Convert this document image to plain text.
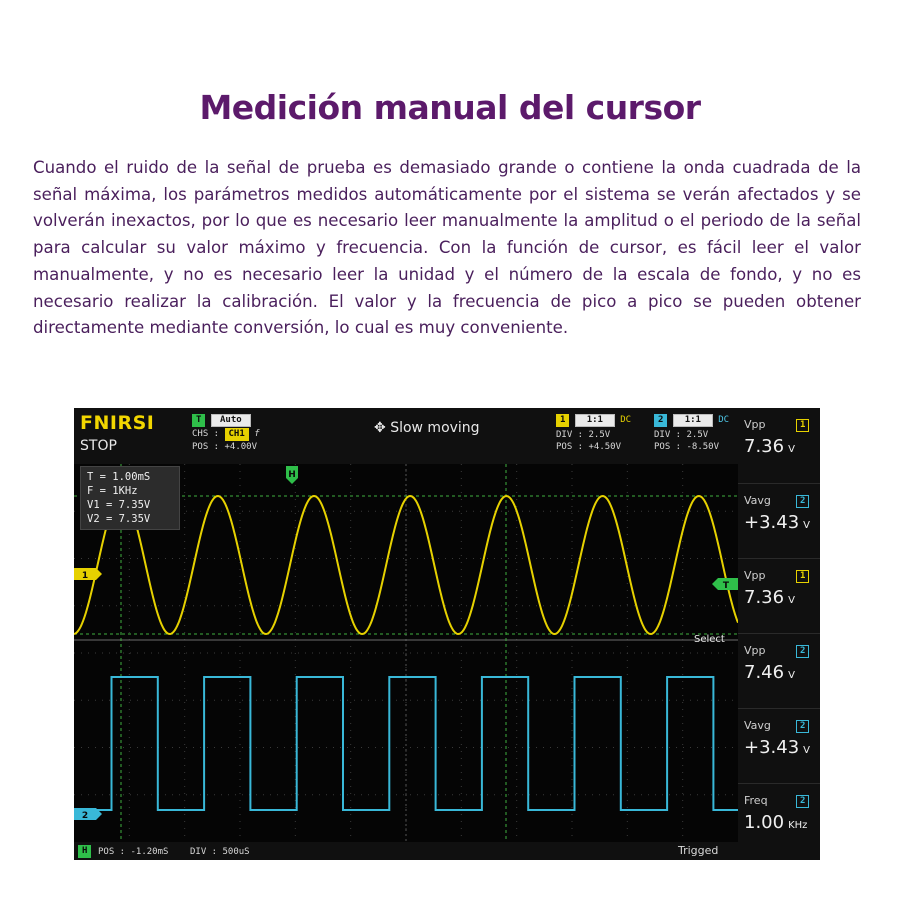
Medición manual del cursor
Cuando el ruido de la señal de prueba es demasiado grande o contiene la onda cuadrada de la señal máxima, los parámetros medidos automáticamente por el sistema se verán afectados y se volverán inexactos, por lo que es necesario leer manualmente la amplitud o el periodo de la señal para calcular su valor máximo y frecuencia. Con la función de cursor, es fácil leer el valor manualmente, y no es necesario leer la unidad y el número de la escala de fondo, y no es necesario realizar la calibración. El valor y la frecuencia de pico a pico se pueden obtener directamente mediante conversión, lo cual es muy conveniente.
FNIRSI
STOP
T Auto
CHS : CH1 f
POS : +4.00V
✥ Slow moving	1 1:1 DC
DIV : 2.5V
POS : +4.50V
2 1:1 DC
DIV : 2.5V
POS : -8.50V
H
1
T
2
T = 1.00mS
F = 1KHz
V1 = 7.35V
V2 = 7.35V
Select
H	POS : -1.20mS DIV : 500uS	Trigged
Vpp	1
7.36 V
Vavg	2
+3.43 V
Vpp	1
7.36 V
Vpp	2
7.46 V
Vavg	2
+3.43 V
Freq	2
1.00 KHz
